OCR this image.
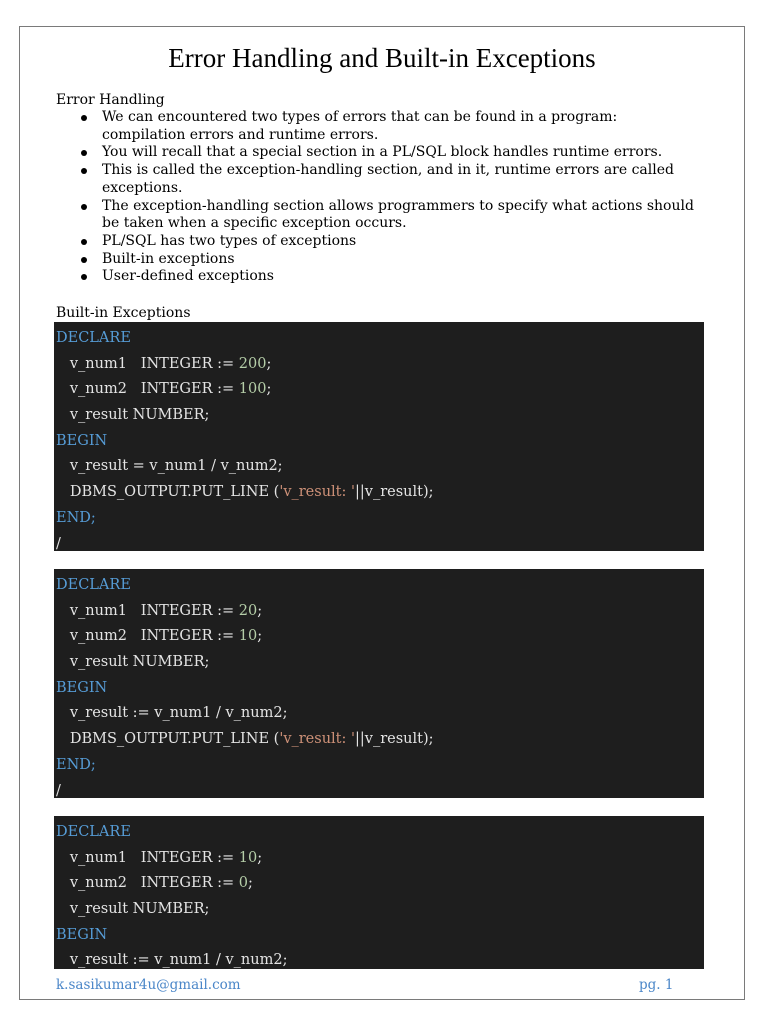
Error Handling and Built-in Exceptions

Error Handling

We can encountered two types of errors that can be found in a program:
compilation errors and runtime errors.
You will recall that a special section in a PL/SQL block handles runtime errors.
This is called the exception-handling section, and in it, runtime errors are called
exceptions.
The exception-handling section allows programmers to specify what actions should
be taken when a specific exception occurs.
PL/SQL has two types of exceptions
Built-in exceptions
User-defined exceptions

Built-in Exceptions

DECLARE
v_num1   INTEGER := 200;
v_num2   INTEGER := 100;
v_result NUMBER;
BEGIN
v_result = v_num1 / v_num2;
DBMS_OUTPUT.PUT_LINE ('v_result: '||v_result);
END;
/
DECLARE
v_num1   INTEGER := 20;
v_num2   INTEGER := 10;
v_result NUMBER;
BEGIN
v_result := v_num1 / v_num2;
DBMS_OUTPUT.PUT_LINE ('v_result: '||v_result);
END;
/
DECLARE
v_num1   INTEGER := 10;
v_num2   INTEGER := 0;
v_result NUMBER;
BEGIN
v_result := v_num1 / v_num2;
k.sasikumar4u@gmail.com	pg. 1
